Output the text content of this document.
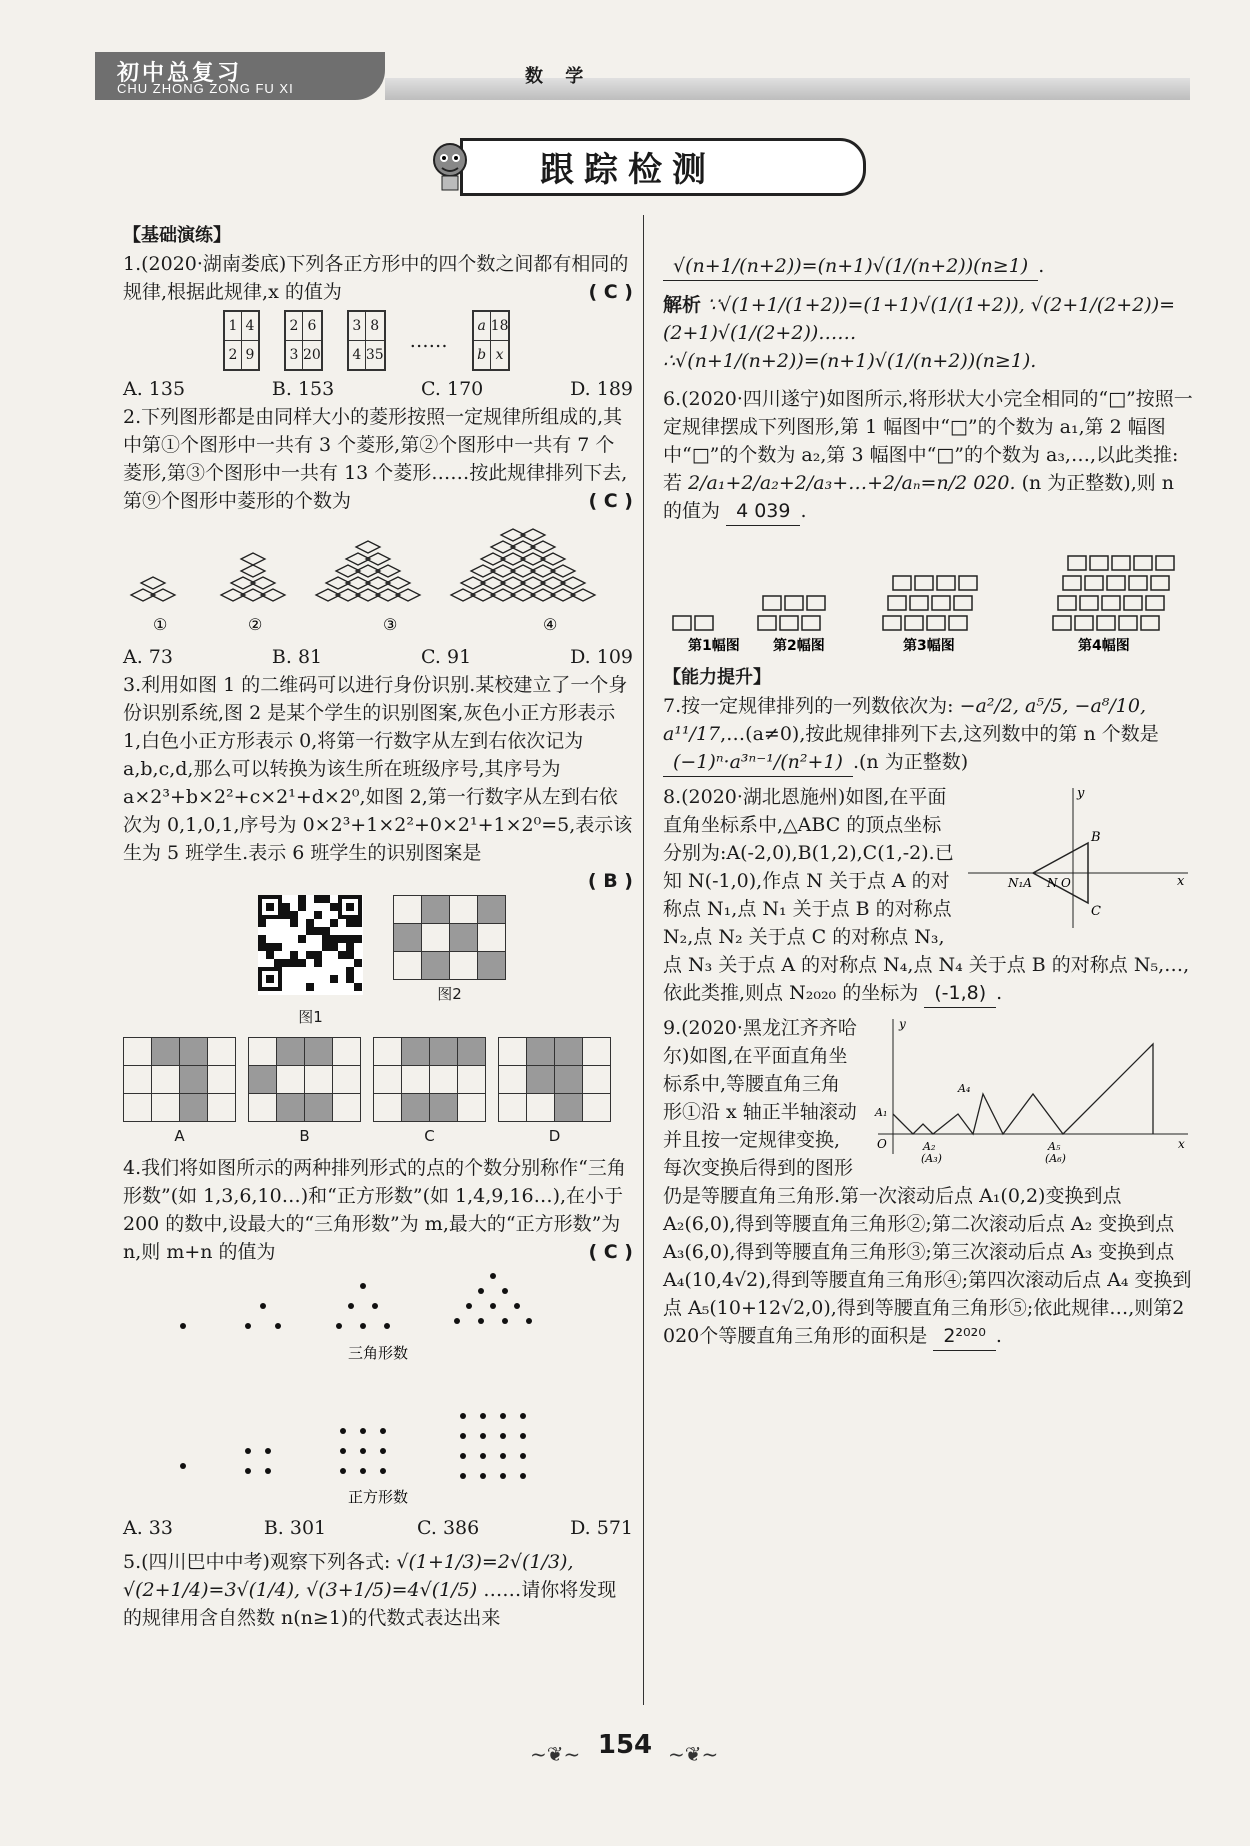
初中总复习
CHU ZHONG ZONG FU XI
数 学
跟踪检测
【基础演练】

1.(2020·湖南娄底)下列各正方形中的四个数之间都有相同的规律,根据此规律,x 的值为	( C )

1	4
2	9
2	6
3	20
3	8
4	35
……
a	18
b	x
A. 135	B. 153	C. 170	D. 189

2.下列图形都是由同样大小的菱形按照一定规律所组成的,其中第①个图形中一共有 3 个菱形,第②个图形中一共有 7 个菱形,第③个图形中一共有 13 个菱形……按此规律排列下去,第⑨个图形中菱形的个数为	( C )

①	②	③	④
A. 73	B. 81	C. 91	D. 109

3.利用如图 1 的二维码可以进行身份识别.某校建立了一个身份识别系统,图 2 是某个学生的识别图案,灰色小正方形表示 1,白色小正方形表示 0,将第一行数字从左到右依次记为 a,b,c,d,那么可以转换为该生所在班级序号,其序号为 a×2³+b×2²+c×2¹+d×2⁰,如图 2,第一行数字从左到右依次为 0,1,0,1,序号为 0×2³+1×2²+0×2¹+1×2⁰=5,表示该生为 5 班学生.表示 6 班学生的识别图案是

( B )
图1

图2

A

				B

				C

				D

4.我们将如图所示的两种排列形式的点的个数分别称作“三角形数”(如 1,3,6,10…)和“正方形数”(如 1,4,9,16…),在小于 200 的数中,设最大的“三角形数”为 m,最大的“正方形数”为 n,则 m+n 的值为	( C )

三角形数
正方形数
A. 33	B. 301	C. 386	D. 571

5.(四川巴中中考)观察下列各式: √(1+1/3)=2√(1/3),

√(2+1/4)=3√(1/4), √(3+1/5)=4√(1/5) ……请你将发现的规律用含自然数 n(n≥1)的代数式表达出来

√(n+1/(n+2))=(n+1)√(1/(n+2))(n≥1) .

解析 ∵√(1+1/(1+2))=(1+1)√(1/(1+2)), √(2+1/(2+2))=

(2+1)√(1/(2+2))……

∴√(n+1/(n+2))=(n+1)√(1/(n+2))(n≥1).

6.(2020·四川遂宁)如图所示,将形状大小完全相同的“□”按照一定规律摆成下列图形,第 1 幅图中“□”的个数为 a₁,第 2 幅图中“□”的个数为 a₂,第 3 幅图中“□”的个数为 a₃,…,以此类推:若 2/a₁+2/a₂+2/a₃+…+2/aₙ=n/2 020. (n 为正整数),则 n 的值为 4 039 .

第1幅图 第2幅图	第3幅图	第4幅图
【能力提升】

7.按一定规律排列的一列数依次为: −a²/2, a⁵/5, −a⁸/10, a¹¹/17,…(a≠0),按此规律排列下去,这列数中的第 n 个数是 (−1)ⁿ·a³ⁿ⁻¹/(n²+1) .(n 为正整数)

x
y
B
C
N₁A N O

8.(2020·湖北恩施州)如图,在平面直角坐标系中,△ABC 的顶点坐标分别为:A(-2,0),B(1,2),C(1,-2).已知 N(-1,0),作点 N 关于点 A 的对称点 N₁,点 N₁ 关于点 B 的对称点 N₂,点 N₂ 关于点 C 的对称点 N₃,点 N₃ 关于点 A 的对称点 N₄,点 N₄ 关于点 B 的对称点 N₅,…,依此类推,则点 N₂₀₂₀ 的坐标为 (-1,8) .

x
y
O
A₁
A₄
A₂
(A₃)
A₅
(A₆)

9.(2020·黑龙江齐齐哈尔)如图,在平面直角坐标系中,等腰直角三角形①沿 x 轴正半轴滚动并且按一定规律变换,每次变换后得到的图形仍是等腰直角三角形.第一次滚动后点 A₁(0,2)变换到点 A₂(6,0),得到等腰直角三角形②;第二次滚动后点 A₂ 变换到点 A₃(6,0),得到等腰直角三角形③;第三次滚动后点 A₃ 变换到点 A₄(10,4√2),得到等腰直角三角形④;第四次滚动后点 A₄ 变换到点 A₅(10+12√2,0),得到等腰直角三角形⑤;依此规律…,则第2 020个等腰直角三角形的面积是 2²⁰²⁰ .

~❦~ 154 ~❦~
